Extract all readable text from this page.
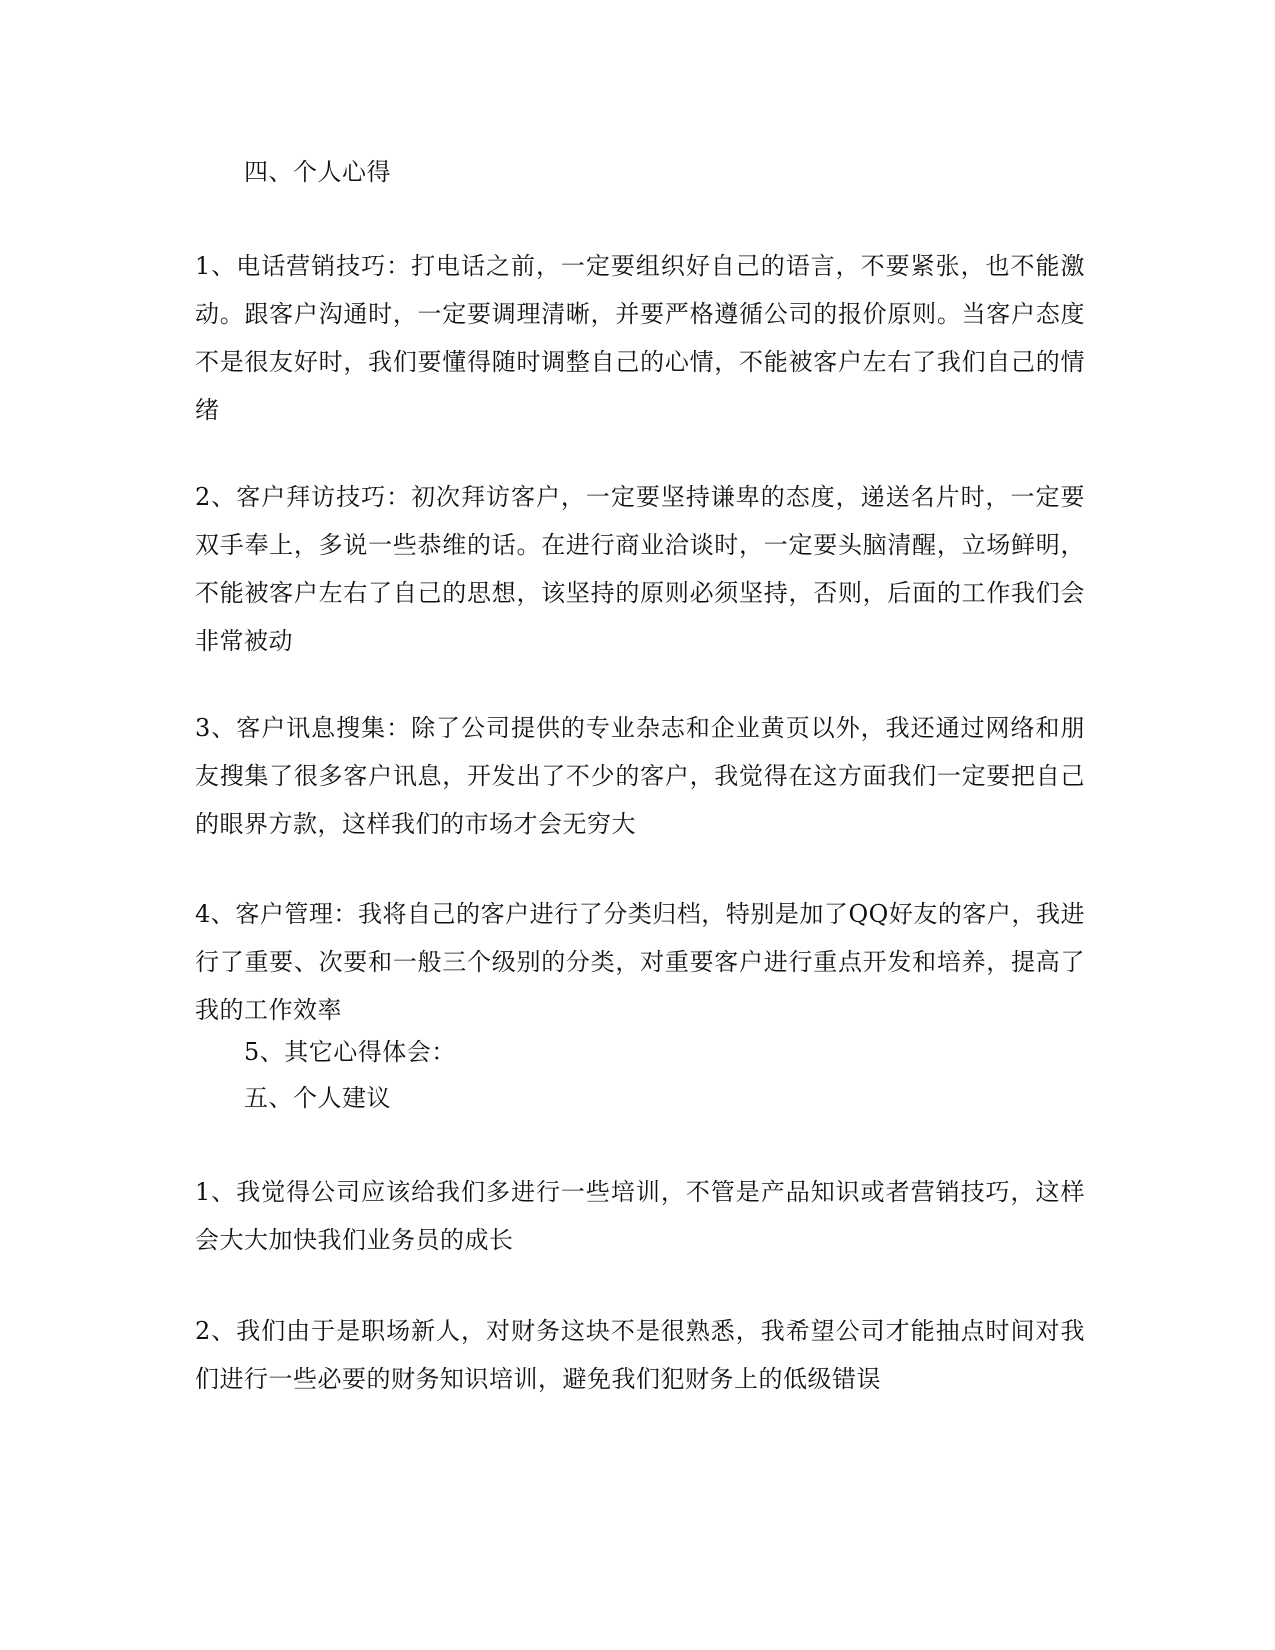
四、个人心得

1、电话营销技巧：打电话之前，一定要组织好自己的语言，不要紧张，也不能激动。跟客户沟通时，一定要调理清晰，并要严格遵循公司的报价原则。当客户态度不是很友好时，我们要懂得随时调整自己的心情，不能被客户左右了我们自己的情绪

2、客户拜访技巧：初次拜访客户，一定要坚持谦卑的态度，递送名片时，一定要双手奉上，多说一些恭维的话。在进行商业洽谈时，一定要头脑清醒，立场鲜明，不能被客户左右了自己的思想，该坚持的原则必须坚持，否则，后面的工作我们会非常被动

3、客户讯息搜集：除了公司提供的专业杂志和企业黄页以外，我还通过网络和朋友搜集了很多客户讯息，开发出了不少的客户，我觉得在这方面我们一定要把自己的眼界方款，这样我们的市场才会无穷大

4、客户管理：我将自己的客户进行了分类归档，特别是加了QQ好友的客户，我进行了重要、次要和一般三个级别的分类，对重要客户进行重点开发和培养，提高了我的工作效率

5、其它心得体会：
五、个人建议

1、我觉得公司应该给我们多进行一些培训，不管是产品知识或者营销技巧，这样会大大加快我们业务员的成长

2、我们由于是职场新人，对财务这块不是很熟悉，我希望公司才能抽点时间对我们进行一些必要的财务知识培训，避免我们犯财务上的低级错误
